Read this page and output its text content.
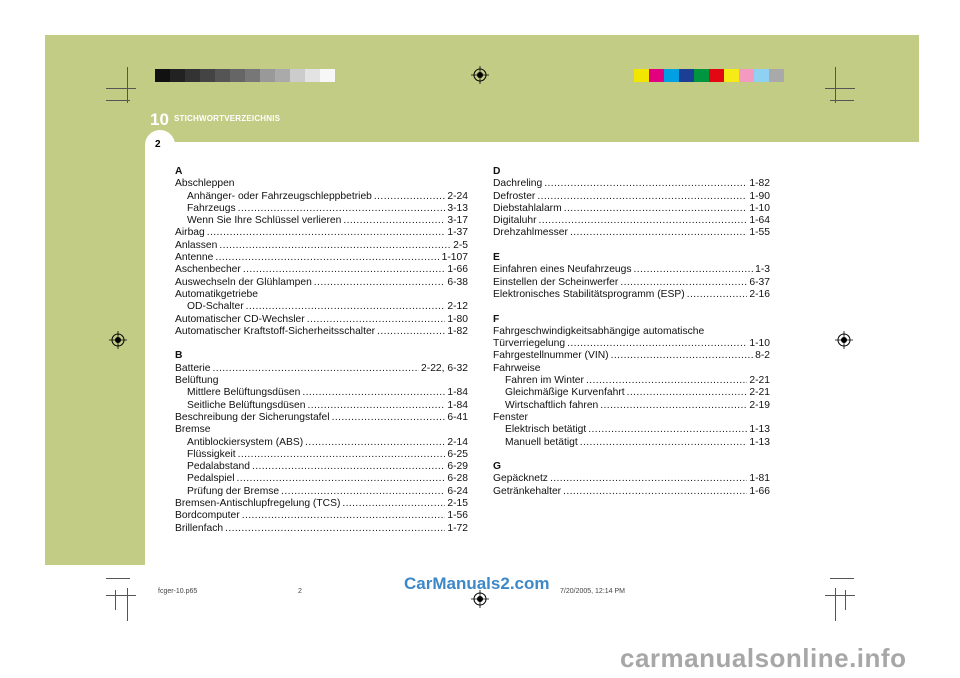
10 STICHWORTVERZEICHNIS
2
A
Abschleppen
Anhänger- oder Fahrzeugschleppbetrieb .....	2-24
Fahrzeugs .....	3-13
Wenn Sie Ihre Schlüssel verlieren .....	3-17
Airbag .....	1-37
Anlassen .....	2-5
Antenne .....	1-107
Aschenbecher .....	1-66
Auswechseln der Glühlampen .....	6-38
Automatikgetriebe
OD-Schalter .....	2-12
Automatischer CD-Wechsler .....	1-80
Automatischer Kraftstoff-Sicherheitsschalter .....	1-82
B
Batterie .....	2-22, 6-32
Belüftung
Mittlere Belüftungsdüsen .....	1-84
Seitliche Belüftungsdüsen .....	1-84
Beschreibung der Sicherungstafel .....	6-41
Bremse
Antiblockiersystem (ABS) .....	2-14
Flüssigkeit .....	6-25
Pedalabstand .....	6-29
Pedalspiel .....	6-28
Prüfung der Bremse .....	6-24
Bremsen-Antischlupfregelung (TCS) .....	2-15
Bordcomputer .....	1-56
Brillenfach .....	1-72
D
Dachreling .....	1-82
Defroster .....	1-90
Diebstahlalarm .....	1-10
Digitaluhr .....	1-64
Drehzahlmesser .....	1-55
E
Einfahren eines Neufahrzeugs .....	1-3
Einstellen der Scheinwerfer .....	6-37
Elektronisches Stabilitätsprogramm (ESP) .....	2-16
F
Fahrgeschwindigkeitsabhängige automatische
Türverriegelung .....	1-10
Fahrgestellnummer (VIN) .....	8-2
Fahrweise
Fahren im Winter .....	2-21
Gleichmäßige Kurvenfahrt .....	2-21
Wirtschaftlich fahren .....	2-19
Fenster
Elektrisch betätigt .....	1-13
Manuell betätigt .....	1-13
G
Gepäcknetz .....	1-81
Getränkehalter .....	1-66
fcger-10.p65	2	7/20/2005, 12:14 PM
CarManuals2.com
carmanualsonline.info
